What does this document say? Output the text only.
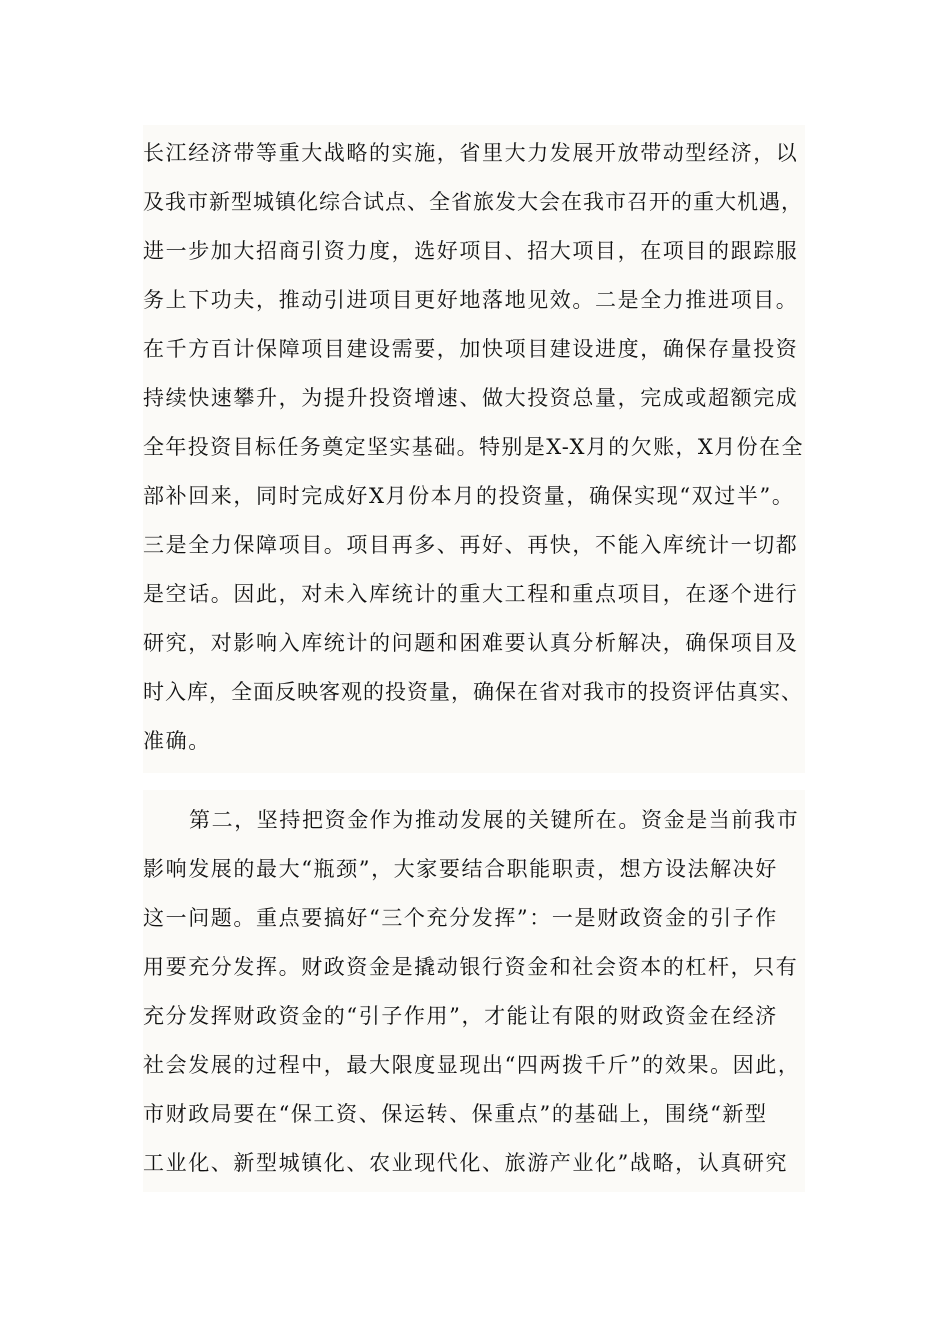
长江经济带等重大战略的实施，省里大力发展开放带动型经济，以
及我市新型城镇化综合试点、全省旅发大会在我市召开的重大机遇，
进一步加大招商引资力度，选好项目、招大项目，在项目的跟踪服
务上下功夫，推动引进项目更好地落地见效。二是全力推进项目。
在千方百计保障项目建设需要，加快项目建设进度，确保存量投资
持续快速攀升，为提升投资增速、做大投资总量，完成或超额完成
全年投资目标任务奠定坚实基础。特别是X-X月的欠账，X月份在全
部补回来，同时完成好X月份本月的投资量，确保实现“双过半”。
三是全力保障项目。项目再多、再好、再快，不能入库统计一切都
是空话。因此，对未入库统计的重大工程和重点项目，在逐个进行
研究，对影响入库统计的问题和困难要认真分析解决，确保项目及
时入库，全面反映客观的投资量，确保在省对我市的投资评估真实、
准确。
第二，坚持把资金作为推动发展的关键所在。资金是当前我市
影响发展的最大“瓶颈”，大家要结合职能职责，想方设法解决好
这一问题。重点要搞好“三个充分发挥”：一是财政资金的引子作
用要充分发挥。财政资金是撬动银行资金和社会资本的杠杆，只有
充分发挥财政资金的“引子作用”，才能让有限的财政资金在经济
社会发展的过程中，最大限度显现出“四两拨千斤”的效果。因此，
市财政局要在“保工资、保运转、保重点”的基础上，围绕“新型
工业化、新型城镇化、农业现代化、旅游产业化”战略，认真研究
